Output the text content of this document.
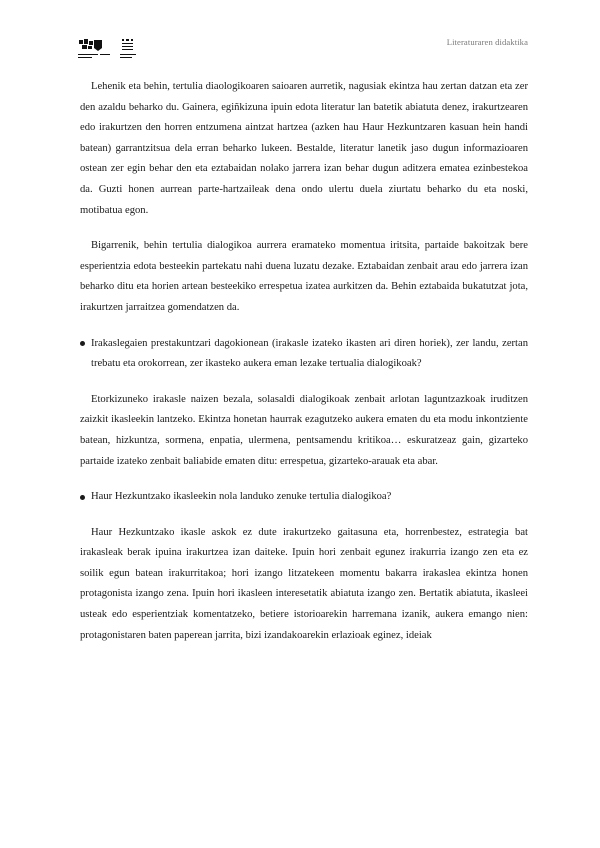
Literaturaren didaktika

Lehenik eta behin, tertulia diaologikoaren saioaren aurretik, nagusiak ekintza hau zertan datzan eta zer den azaldu beharko du. Gainera, egiñkizuna ipuin edota literatur lan batetik abiatuta denez, irakurtzearen edo irakurtzen den horren entzumena aintzat hartzea (azken hau Haur Hezkuntzaren kasuan hein handi batean) garrantzitsua dela erran beharko lukeen. Bestalde, literatur lanetik jaso dugun informazioaren ostean zer egin behar den eta eztabaidan nolako jarrera izan behar dugun aditzera ematea ezinbestekoa da. Guzti honen aurrean parte-hartzaileak dena ondo ulertu duela ziurtatu beharko du eta noski, motibatua egon.

Bigarrenik, behin tertulia dialogikoa aurrera eramateko momentua iritsita, partaide bakoitzak bere esperientzia edota besteekin partekatu nahi duena luzatu dezake. Eztabaidan zenbait arau edo jarrera izan beharko ditu eta horien artean besteekiko errespetua izatea aurkitzen da. Behin eztabaida bukatutzat jota, irakurtzen jarraitzea gomendatzen da.

Irakaslegaien prestakuntzari dagokionean (irakasle izateko ikasten ari diren horiek), zer landu, zertan trebatu eta orokorrean, zer ikasteko aukera eman lezake tertualia dialogikoak?

Etorkizuneko irakasle naizen bezala, solasaldi dialogikoak zenbait arlotan laguntzazkoak iruditzen zaizkit ikasleekin lantzeko. Ekintza honetan haurrak ezagutzeko aukera ematen du eta modu inkontziente batean, hizkuntza, sormena, enpatia, ulermena, pentsamendu kritikoa… eskuratzeaz gain, gizarteko partaide izateko zenbait baliabide ematen ditu: errespetua, gizarteko-arauak eta abar.

Haur Hezkuntzako ikasleekin nola landuko zenuke tertulia dialogikoa?

Haur Hezkuntzako ikasle askok ez dute irakurtzeko gaitasuna eta, horrenbestez, estrategia bat irakasleak berak ipuina irakurtzea izan daiteke. Ipuin hori zenbait egunez irakurria izango zen eta ez soilik egun batean irakurritakoa; hori izango litzatekeen momentu bakarra irakaslea ekintza honen protagonista izango zena. Ipuin hori ikasleen interesetatik abiatuta izango zen. Bertatik abiatuta, ikasleei usteak edo esperientziak komentatzeko, betiere istorioarekin harremana izanik, aukera emango nien: protagonistaren baten paperean jarrita, bizi izandakoarekin erlazioak eginez, ideiak
